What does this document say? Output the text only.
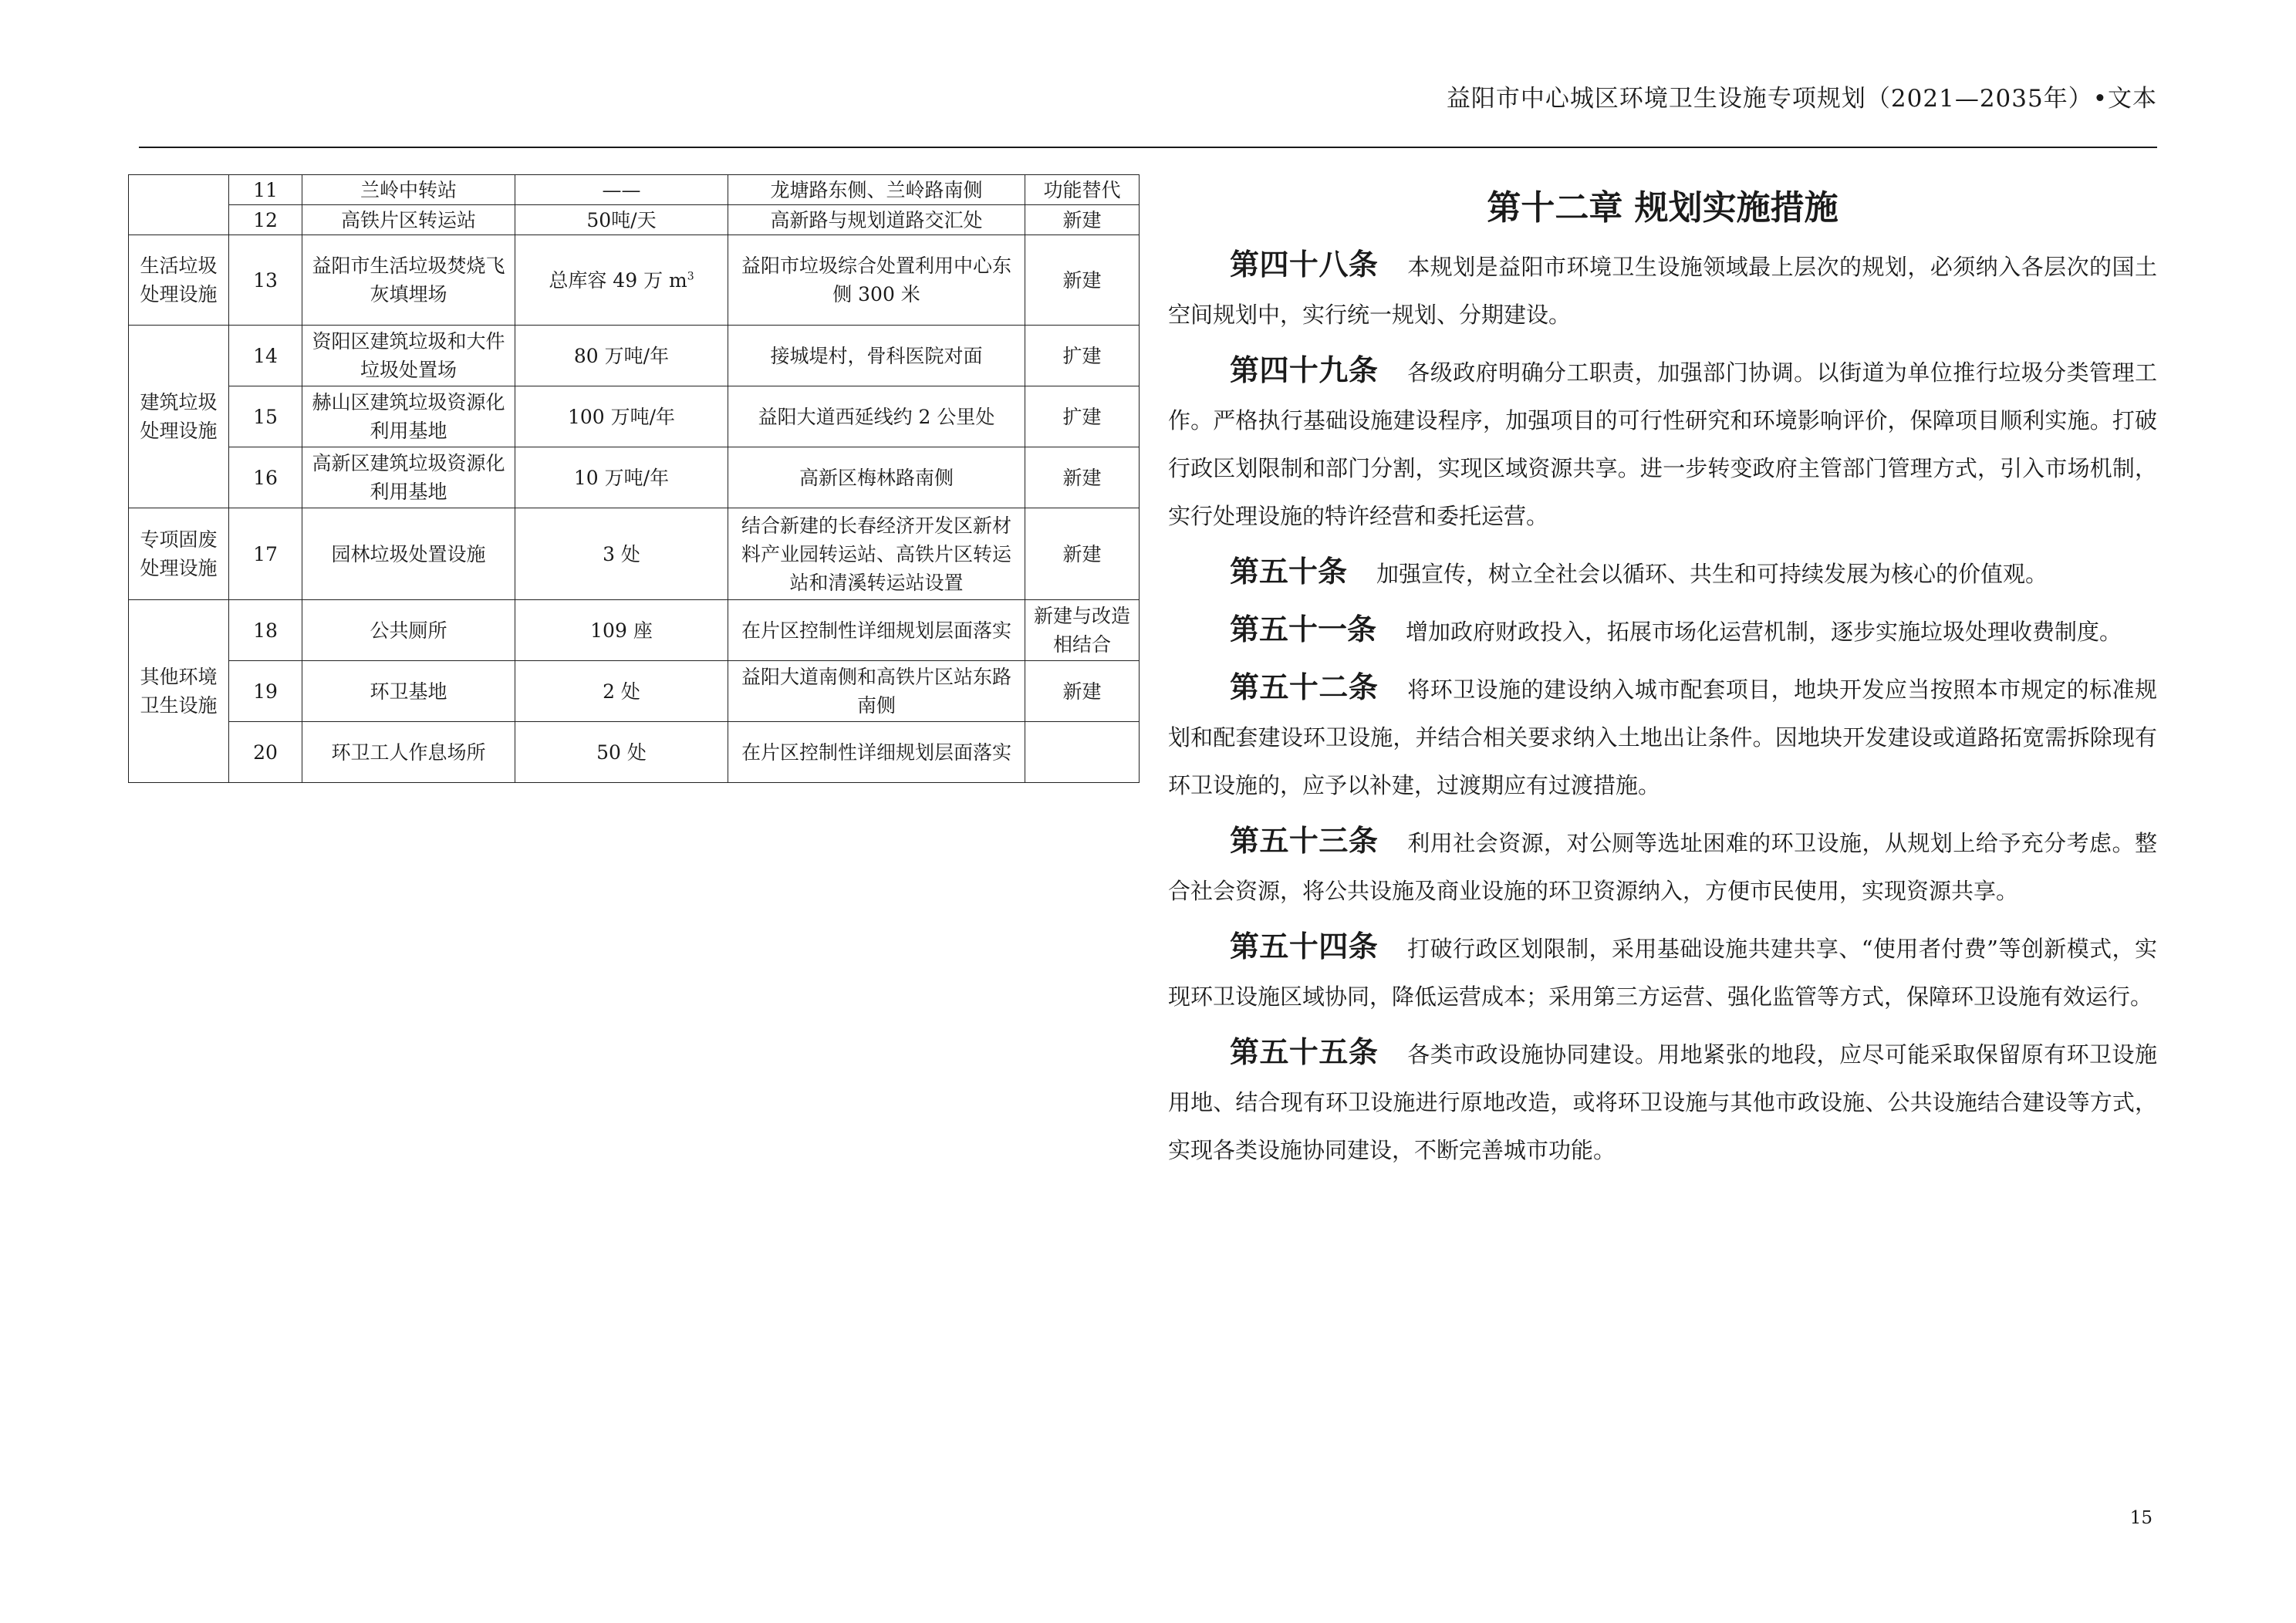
益阳市中心城区环境卫生设施专项规划（2021—2035年）•文本
	11	兰岭中转站	——	龙塘路东侧、兰岭路南侧	功能替代
	12	高铁片区转运站	50吨/天	高新路与规划道路交汇处	新建
生活垃圾处理设施	13	益阳市生活垃圾焚烧飞灰填埋场	总库容 49 万 $m^3$	益阳市垃圾综合处置利用中心东侧 300 米	新建
建筑垃圾处理设施	14	资阳区建筑垃圾和大件垃圾处置场	80 万吨/年	接城堤村，骨科医院对面	扩建
	15	赫山区建筑垃圾资源化利用基地	100 万吨/年	益阳大道西延线约 2 公里处	扩建
	16	高新区建筑垃圾资源化利用基地	10 万吨/年	高新区梅林路南侧	新建
专项固废处理设施	17	园林垃圾处置设施	3 处	结合新建的长春经济开发区新材料产业园转运站、高铁片区转运站和清溪转运站设置	新建
其他环境卫生设施	18	公共厕所	109 座	在片区控制性详细规划层面落实	新建与改造相结合
	19	环卫基地	2 处	益阳大道南侧和高铁片区站东路南侧	新建
	20	环卫工人作息场所	50 处	在片区控制性详细规划层面落实	
第十二章 规划实施措施

第四十八条 本规划是益阳市环境卫生设施领域最上层次的规划，必须纳入各层次的国土空间规划中，实行统一规划、分期建设。

第四十九条 各级政府明确分工职责，加强部门协调。以街道为单位推行垃圾分类管理工作。严格执行基础设施建设程序，加强项目的可行性研究和环境影响评价，保障项目顺利实施。打破行政区划限制和部门分割，实现区域资源共享。进一步转变政府主管部门管理方式，引入市场机制，实行处理设施的特许经营和委托运营。

第五十条 加强宣传，树立全社会以循环、共生和可持续发展为核心的价值观。

第五十一条 增加政府财政投入，拓展市场化运营机制，逐步实施垃圾处理收费制度。

第五十二条 将环卫设施的建设纳入城市配套项目，地块开发应当按照本市规定的标准规划和配套建设环卫设施，并结合相关要求纳入土地出让条件。因地块开发建设或道路拓宽需拆除现有环卫设施的，应予以补建，过渡期应有过渡措施。

第五十三条 利用社会资源，对公厕等选址困难的环卫设施，从规划上给予充分考虑。整合社会资源，将公共设施及商业设施的环卫资源纳入，方便市民使用，实现资源共享。

第五十四条 打破行政区划限制，采用基础设施共建共享、“使用者付费”等创新模式，实现环卫设施区域协同，降低运营成本；采用第三方运营、强化监管等方式，保障环卫设施有效运行。

第五十五条 各类市政设施协同建设。用地紧张的地段，应尽可能采取保留原有环卫设施用地、结合现有环卫设施进行原地改造，或将环卫设施与其他市政设施、公共设施结合建设等方式，实现各类设施协同建设，不断完善城市功能。

15
